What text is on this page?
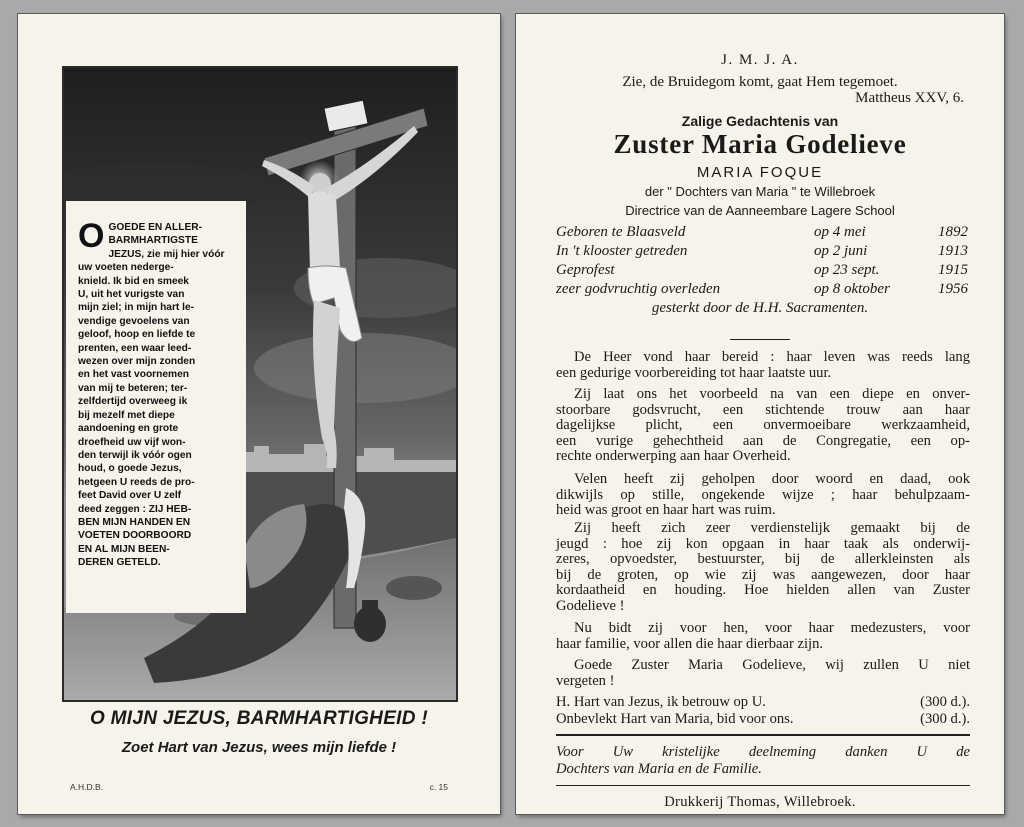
O GOEDE EN ALLER-
BARMHARTIGSTE
JEZUS, zie mij hier vóór
uw voeten nederge-
knield. Ik bid en smeek
U, uit het vurigste van
mijn ziel; in mijn hart le-
vendige gevoelens van
geloof, hoop en liefde te
prenten, een waar leed-
wezen over mijn zonden
en het vast voornemen
van mij te beteren; ter-
zelfdertijd overweeg ik
bij mezelf met diepe
aandoening en grote
droefheid uw vijf won-
den terwijl ik vóór ogen
houd, o goede Jezus,
hetgeen U reeds de pro-
feet David over U zelf
deed zeggen : ZIJ HEB-
BEN MIJN HANDEN EN
VOETEN DOORBOORD
EN AL MIJN BEEN-
DEREN GETELD.
O MIJN JEZUS, BARMHARTIGHEID !
Zoet Hart van Jezus, wees mijn liefde !
A.H.D.B.	c. 15
J. M. J. A.
Zie, de Bruidegom komt, gaat Hem tegemoet.
Mattheus XXV, 6.
Zalige Gedachtenis van
Zuster Maria Godelieve
MARIA FOQUE
der " Dochters van Maria " te Willebroek
Directrice van de Aanneembare Lagere School
Geboren te Blaasveld	op 4 mei	1892
In 't klooster getreden	op 2 juni	1913
Geprofest	op 23 sept.	1915
zeer godvruchtig overleden	op 8 oktober	1956
gesterkt door de H.H. Sacramenten.
De Heer vond haar bereid : haar leven was reeds lang
een gedurige voorbereiding tot haar laatste uur.
Zij laat ons het voorbeeld na van een diepe en onver-
stoorbare godsvrucht, een stichtende trouw aan haar
dagelijkse plicht, een onvermoeibare werkzaamheid,
een vurige gehechtheid aan de Congregatie, een op-
rechte onderwerping aan haar Overheid.
Velen heeft zij geholpen door woord en daad, ook
dikwijls op stille, ongekende wijze ; haar behulpzaam-
heid was groot en haar hart was ruim.
Zij heeft zich zeer verdienstelijk gemaakt bij de
jeugd : hoe zij kon opgaan in haar taak als onderwij-
zeres, opvoedster, bestuurster, bij de allerkleinsten als
bij de groten, op wie zij was aangewezen, door haar
kordaatheid en houding. Hoe hielden allen van Zuster
Godelieve !
Nu bidt zij voor hen, voor haar medezusters, voor
haar familie, voor allen die haar dierbaar zijn.
Goede Zuster Maria Godelieve, wij zullen U niet
vergeten !
H. Hart van Jezus, ik betrouw op U.	(300 d.).
Onbevlekt Hart van Maria, bid voor ons.	(300 d.).
Voor Uw kristelijke deelneming danken U de
Dochters van Maria en de Familie.
Drukkerij Thomas, Willebroek.
